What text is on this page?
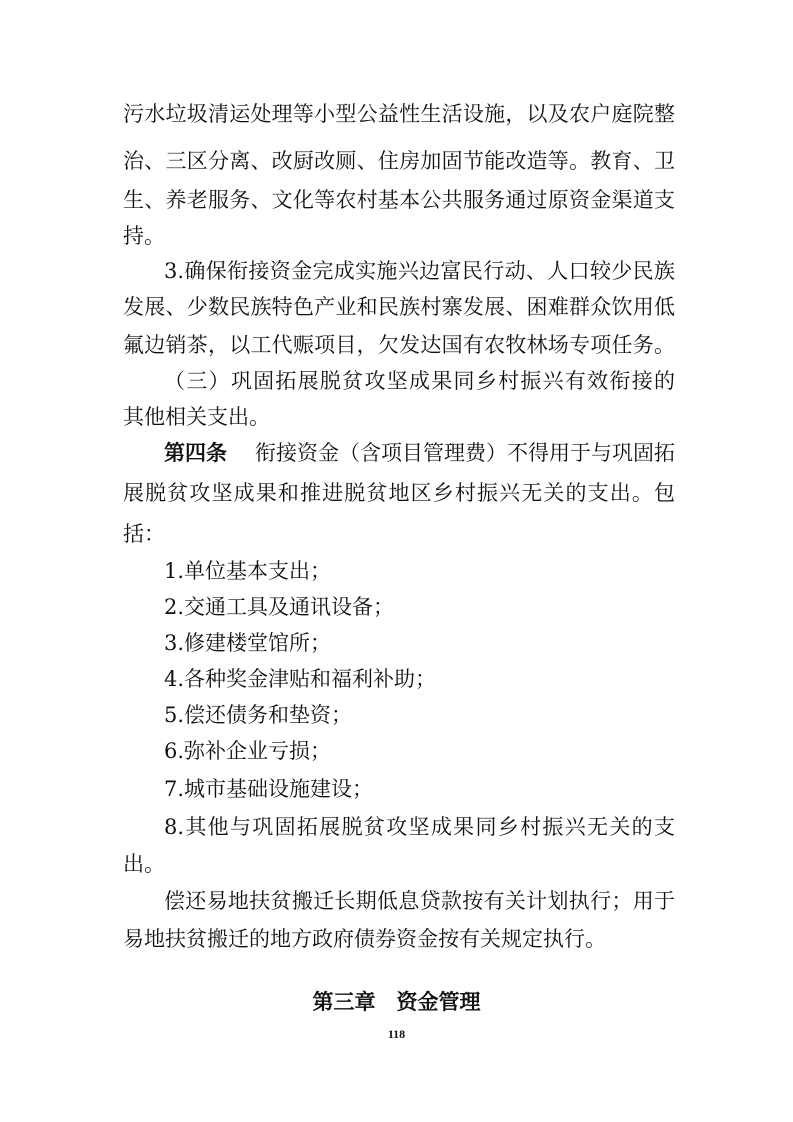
污水垃圾清运处理等小型公益性生活设施，以及农户庭院整
治、三区分离、改厨改厕、住房加固节能改造等。教育、卫
生、养老服务、文化等农村基本公共服务通过原资金渠道支
持。
3.确保衔接资金完成实施兴边富民行动、人口较少民族
发展、少数民族特色产业和民族村寨发展、困难群众饮用低
氟边销茶，以工代赈项目，欠发达国有农牧林场专项任务。
（三）巩固拓展脱贫攻坚成果同乡村振兴有效衔接的
其他相关支出。
第四条 衔接资金（含项目管理费）不得用于与巩固拓
展脱贫攻坚成果和推进脱贫地区乡村振兴无关的支出。包
括：
1.单位基本支出；
2.交通工具及通讯设备；
3.修建楼堂馆所；
4.各种奖金津贴和福利补助；
5.偿还债务和垫资；
6.弥补企业亏损；
7.城市基础设施建设；
8.其他与巩固拓展脱贫攻坚成果同乡村振兴无关的支
出。
偿还易地扶贫搬迁长期低息贷款按有关计划执行；用于
易地扶贫搬迁的地方政府债券资金按有关规定执行。
第三章　资金管理
118
